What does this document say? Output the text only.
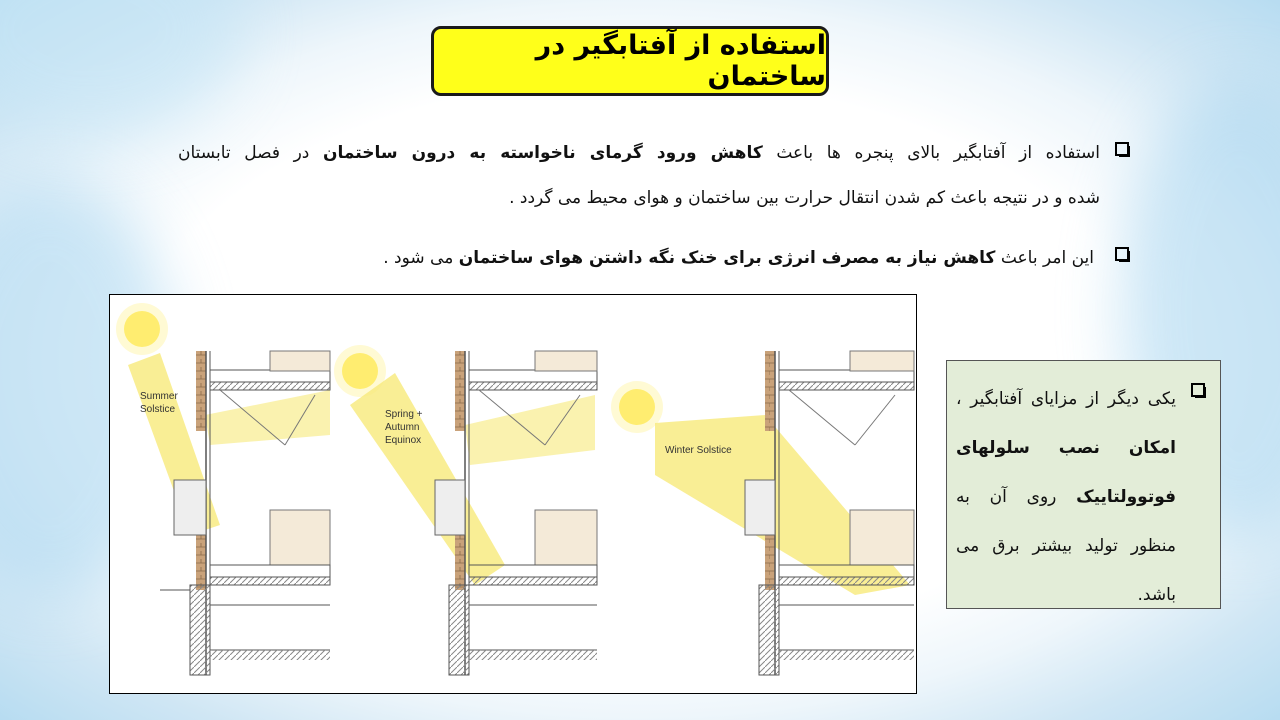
استفاده از آفتابگیر در ساختمان
استفاده از آفتابگیر بالای پنجره ها باعث کاهش ورود گرمای ناخواسته به درون ساختمان در فصل تابستان
شده و در نتیجه باعث کم شدن انتقال حرارت بین ساختمان و هوای محیط می گردد .
این امر باعث کاهش نیاز به مصرف انرژی برای خنک نگه داشتن هوای ساختمان می شود .
Summer
Solstice	Spring +
Autumn
Equinox
Winter Solstice
یکی دیگر از مزایای آفتابگیر ، امکان نصب سلولهای فوتوولتاییک روی آن به منظور تولید بیشتر برق می باشد.
